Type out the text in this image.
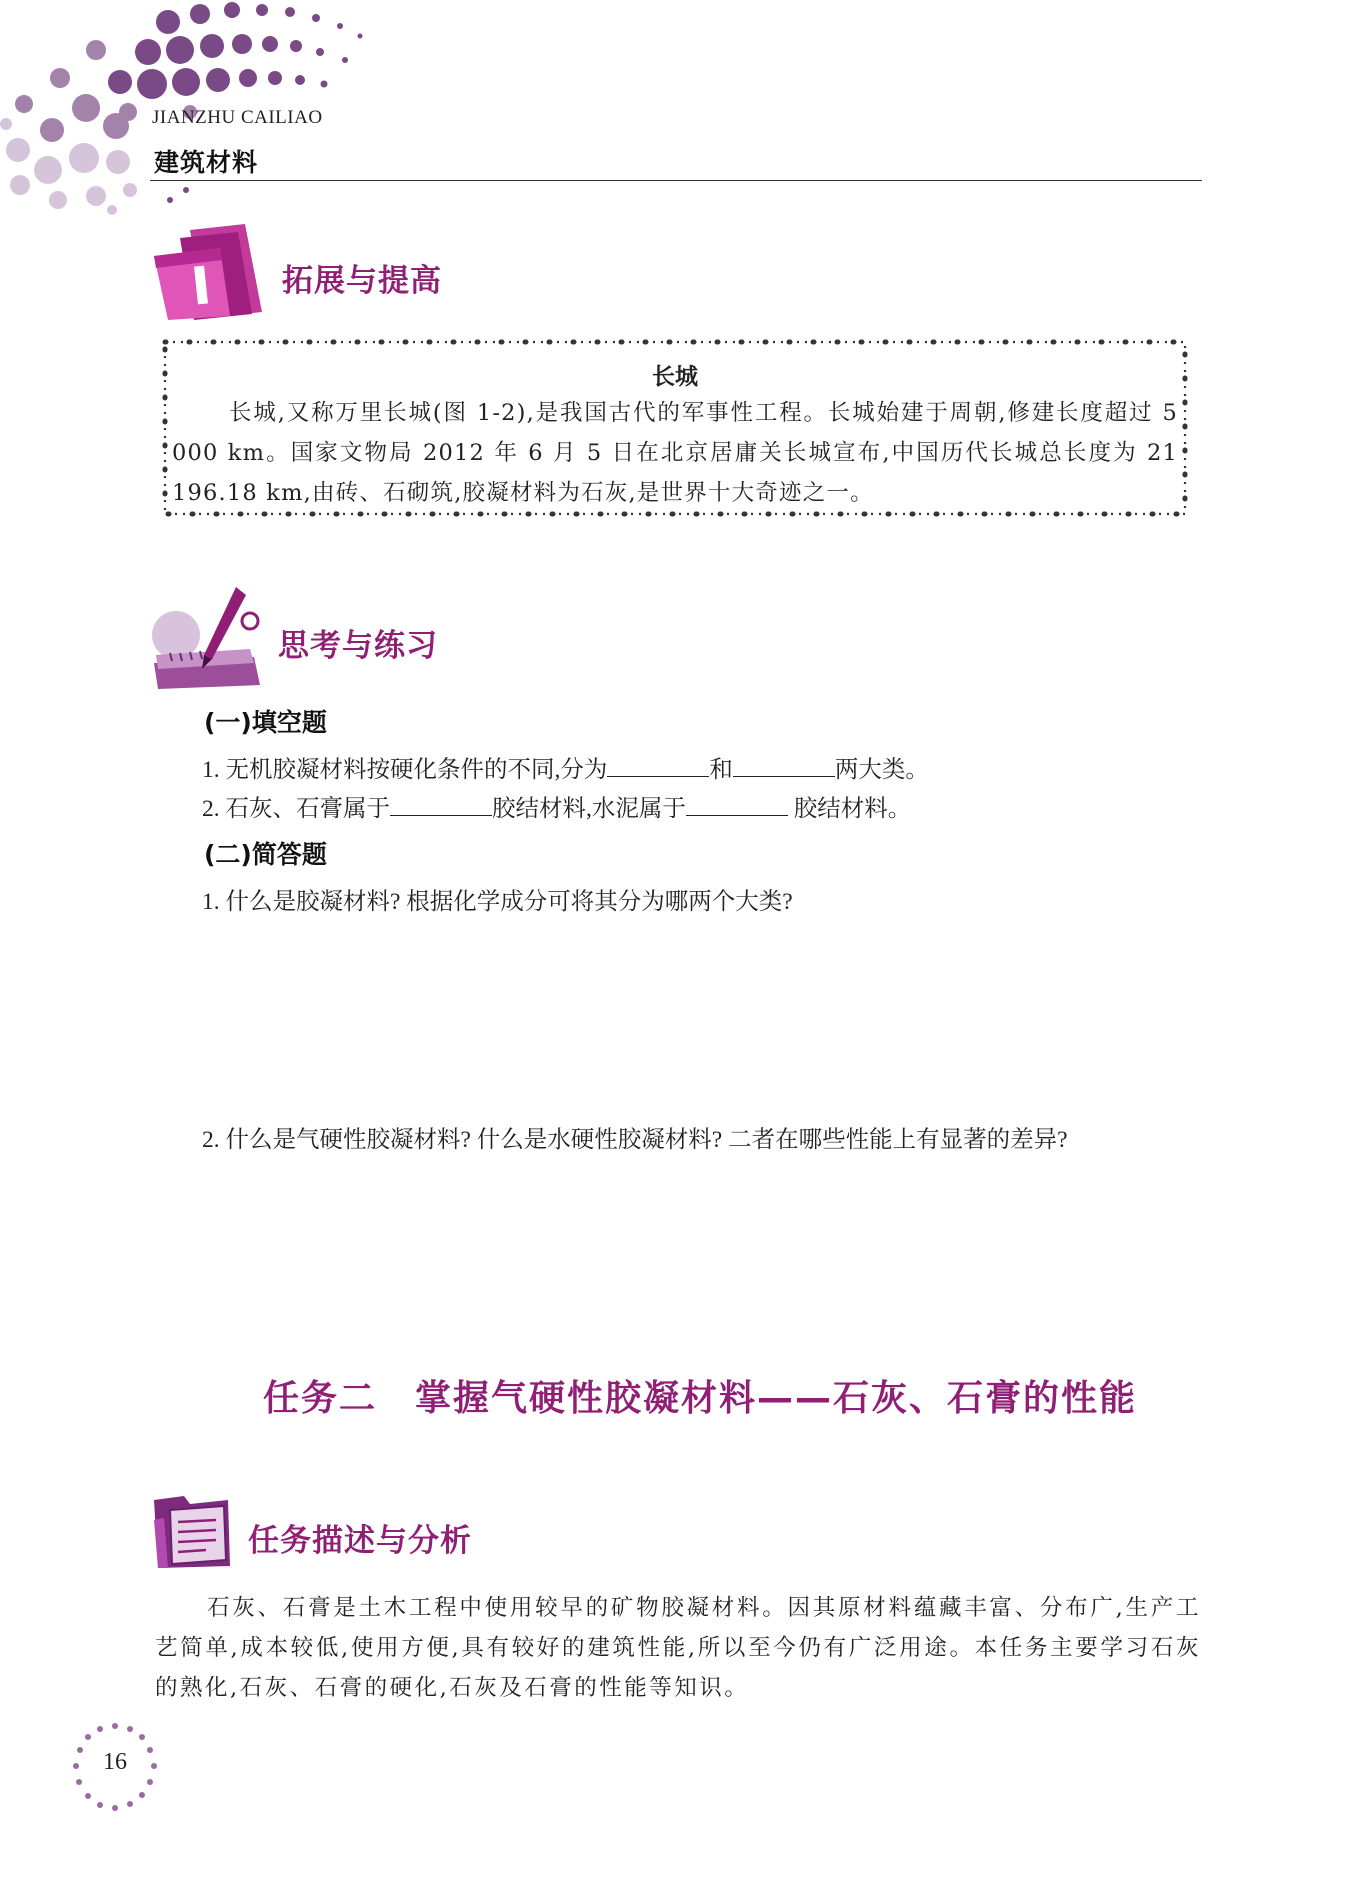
JIANZHU CAILIAO
建筑材料
拓展与提高
长城
长城,又称万里长城(图 1-2),是我国古代的军事性工程。长城始建于周朝,修建长度超过 5 000 km。国家文物局 2012 年 6 月 5 日在北京居庸关长城宣布,中国历代长城总长度为 21 196.18 km,由砖、石砌筑,胶凝材料为石灰,是世界十大奇迹之一。
思考与练习
(一)填空题
1. 无机胶凝材料按硬化条件的不同,分为	和	两大类。
2. 石灰、石膏属于	胶结材料,水泥属于	胶结材料。
(二)简答题
1. 什么是胶凝材料? 根据化学成分可将其分为哪两个大类?
2. 什么是气硬性胶凝材料? 什么是水硬性胶凝材料? 二者在哪些性能上有显著的差异?
任务二　掌握气硬性胶凝材料——石灰、石膏的性能
任务描述与分析
石灰、石膏是土木工程中使用较早的矿物胶凝材料。因其原材料蕴藏丰富、分布广,生产工艺简单,成本较低,使用方便,具有较好的建筑性能,所以至今仍有广泛用途。本任务主要学习石灰的熟化,石灰、石膏的硬化,石灰及石膏的性能等知识。
16
